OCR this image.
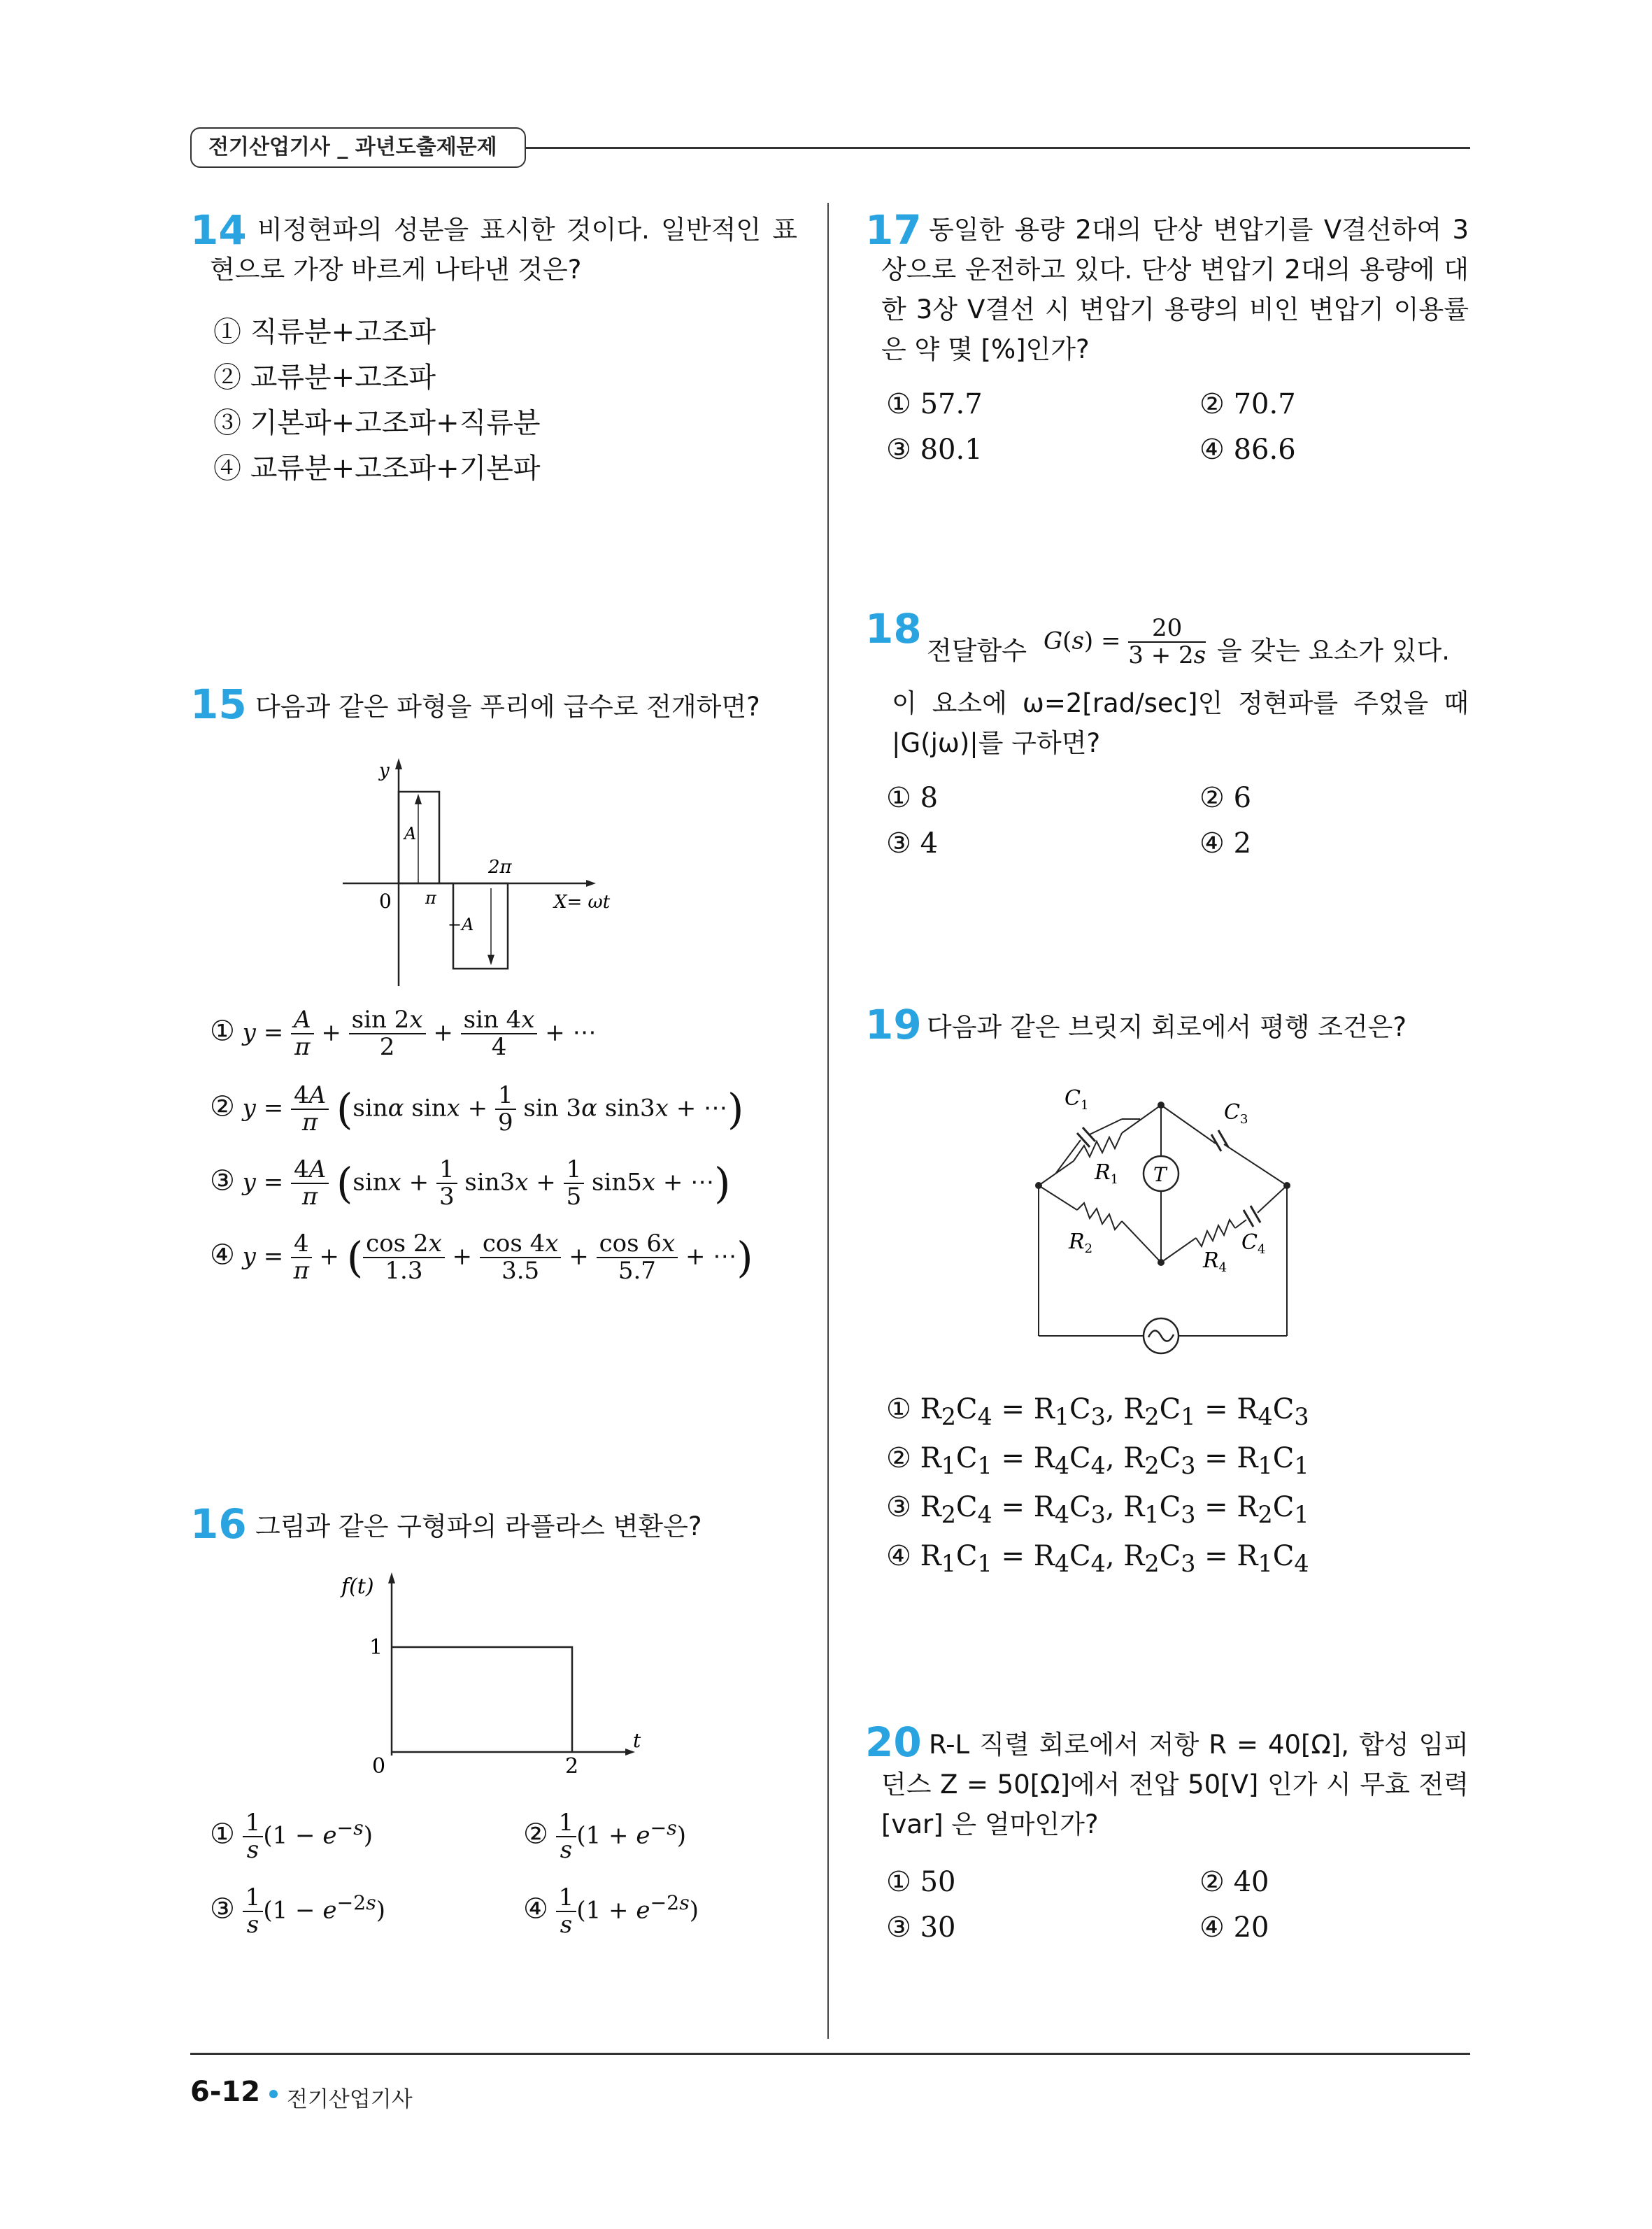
전기산업기사 _ 과년도출제문제
14 비정현파의 성분을 표시한 것이다. 일반적인 표현으로 가장 바르게 나타낸 것은?
① 직류분+고조파
② 교류분+고조파
③ 기본파+고조파+직류분
④ 교류분+고조파+기본파
15 다음과 같은 파형을 푸리에 급수로 전개하면?
y
A
−A
π
2π
0	X= ωt
① $y = \frac{A}{\pi} + \frac{\sin 2x}{2} + \frac{\sin 4x}{4}$ + ⋯
② $y = \frac{4A}{\pi} (\sin\alpha$ $\sin x + \frac{1}{9}$ sin 3α sin3x + ⋯)
③ $y = \frac{4A}{\pi} (\sin x + \frac{1}{3} \sin 3x + \frac{1}{5} \sin 5x$ + ⋯)
④ $y = \frac{4}{\pi}$ + ( $\frac{\cos 2x}{1.3} + \frac{\cos 4x}{3.5} + \frac{\cos 6x}{5.7}$ + ⋯)
16 그림과 같은 구형파의 라플라스 변환은?
f(t)
1
0	2
t
① $\frac{1}{s} (1 - e^{-s})$	② $\frac{1}{s} (1 + e^{-s})$
③ $\frac{1}{s} (1 - e^{-2s})$	④ $\frac{1}{s} (1 + e^{-2s})$
17 동일한 용량 2대의 단상 변압기를 V결선하여 3상으로 운전하고 있다. 단상 변압기 2대의 용량에 대한 3상 V결선 시 변압기 용량의 비인 변압기 이용률은 약 몇 [%]인가?
① 57.7	② 70.7
③ 80.1	④ 86.6
18 전달함수 $G(s) = \frac{20}{3 + 2s}$ 을 갖는 요소가 있다.
이 요소에 ω=2[rad/sec]인 정현파를 주었을 때 |G(jω)|를 구하면?
① 8	② 6
③ 4	④ 2
19 다음과 같은 브릿지 회로에서 평행 조건은?
T
$C_1$	$C_3$
$R_1$
$R_2$	$R_4$
$C_4$
① $R_2C_4 = R_1C_3$, $R_2C_1 = R_4C_3$
② $R_1C_1 = R_4C_4$, $R_2C_3 = R_1C_1$
③ $R_2C_4 = R_4C_3$, $R_1C_3 = R_2C_1$
④ $R_1C_1 = R_4C_4$, $R_2C_3 = R_1C_4$
20 R-L 직렬 회로에서 저항 R = 40[Ω], 합성 임피던스 Z = 50[Ω]에서 전압 50[V] 인가 시 무효 전력[var] 은 얼마인가?
① 50	② 40
③ 30	④ 20
6-12 전기산업기사
